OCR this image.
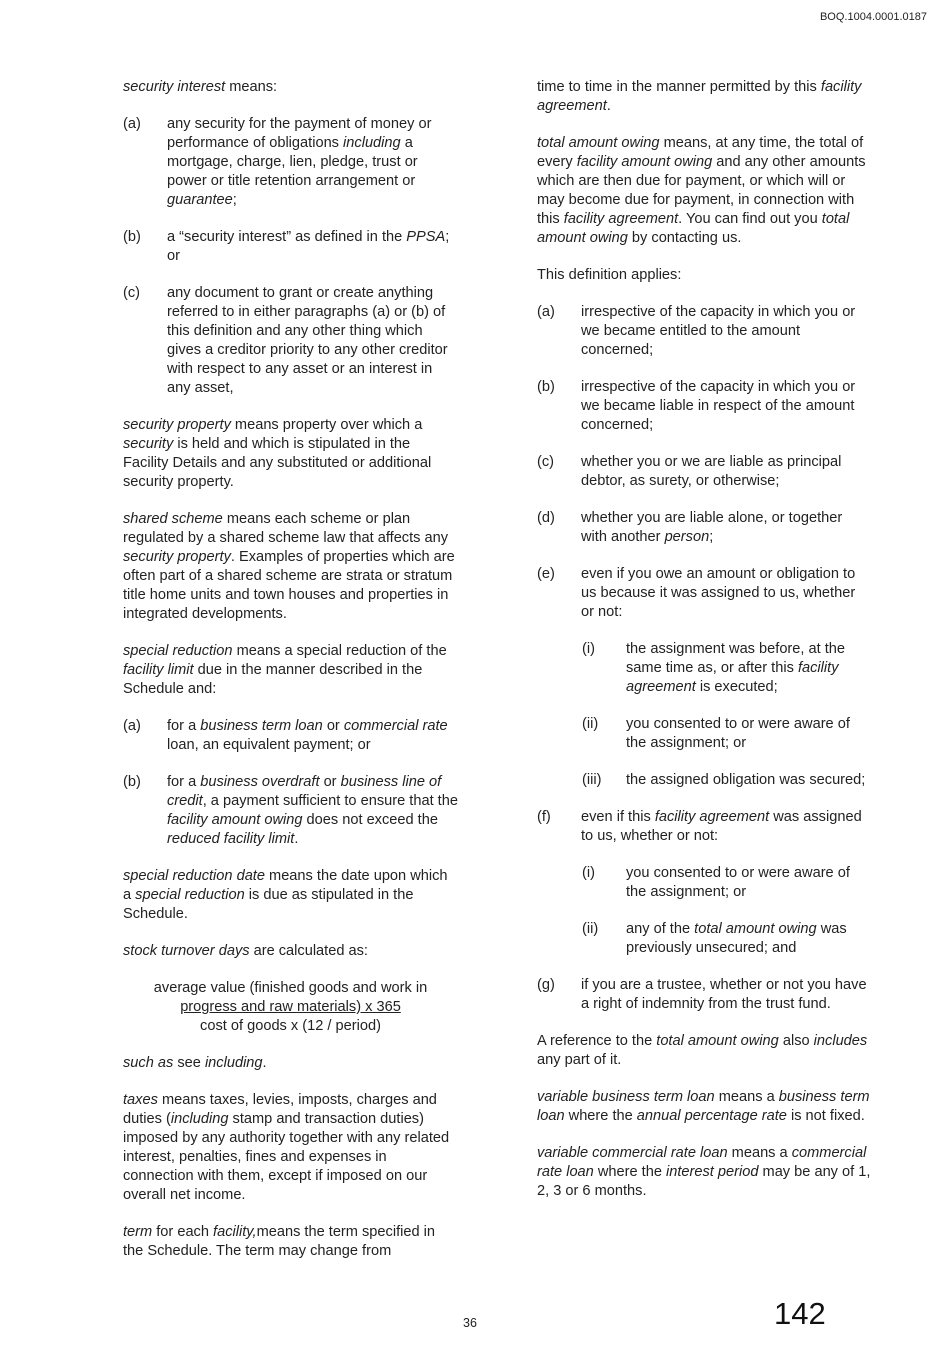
BOQ.1004.0001.0187

security interest means:

(a) any security for the payment of money or performance of obligations including a mortgage, charge, lien, pledge, trust or power or title retention arrangement or guarantee;
(b) a “security interest” as defined in the PPSA; or
(c) any document to grant or create anything referred to in either paragraphs (a) or (b) of this definition and any other thing which gives a creditor priority to any other creditor with respect to any asset or an interest in any asset,

security property means property over which a security is held and which is stipulated in the Facility Details and any substituted or additional security property.

shared scheme means each scheme or plan regulated by a shared scheme law that affects any security property. Examples of properties which are often part of a shared scheme are strata or stratum title home units and town houses and properties in integrated developments.

special reduction means a special reduction of the facility limit due in the manner described in the Schedule and:

(a) for a business term loan or commercial rate loan, an equivalent payment; or
(b) for a business overdraft or business line of credit, a payment sufficient to ensure that the facility amount owing does not exceed the reduced facility limit.

special reduction date means the date upon which a special reduction is due as stipulated in the Schedule.

stock turnover days are calculated as:

average value (finished goods and work in
progress and raw materials) x 365
cost of goods x (12 / period)

such as see including.

taxes means taxes, levies, imposts, charges and duties (including stamp and transaction duties) imposed by any authority together with any related interest, penalties, fines and expenses in connection with them, except if imposed on our overall net income.

term for each facility,means the term specified in the Schedule. The term may change from

time to time in the manner permitted by this facility agreement.

total amount owing means, at any time, the total of every facility amount owing and any other amounts which are then due for payment, or which will or may become due for payment, in connection with this facility agreement. You can find out you total amount owing by contacting us.

This definition applies:

(a) irrespective of the capacity in which you or we became entitled to the amount concerned;
(b) irrespective of the capacity in which you or we became liable in respect of the amount concerned;
(c) whether you or we are liable as principal debtor, as surety, or otherwise;
(d) whether you are liable alone, or together with another person;
(e) even if you owe an amount or obligation to us because it was assigned to us, whether or not:
(i) the assignment was before, at the same time as, or after this facility agreement is executed;
(ii) you consented to or were aware of the assignment; or
(iii) the assigned obligation was secured;
(f) even if this facility agreement was assigned to us, whether or not:
(i) you consented to or were aware of the assignment; or
(ii) any of the total amount owing was previously unsecured; and
(g) if you are a trustee, whether or not you have a right of indemnity from the trust fund.

A reference to the total amount owing also includes any part of it.

variable business term loan means a business term loan where the annual percentage rate is not fixed.

variable commercial rate loan means a commercial rate loan where the interest period may be any of 1, 2, 3 or 6 months.

36	142
